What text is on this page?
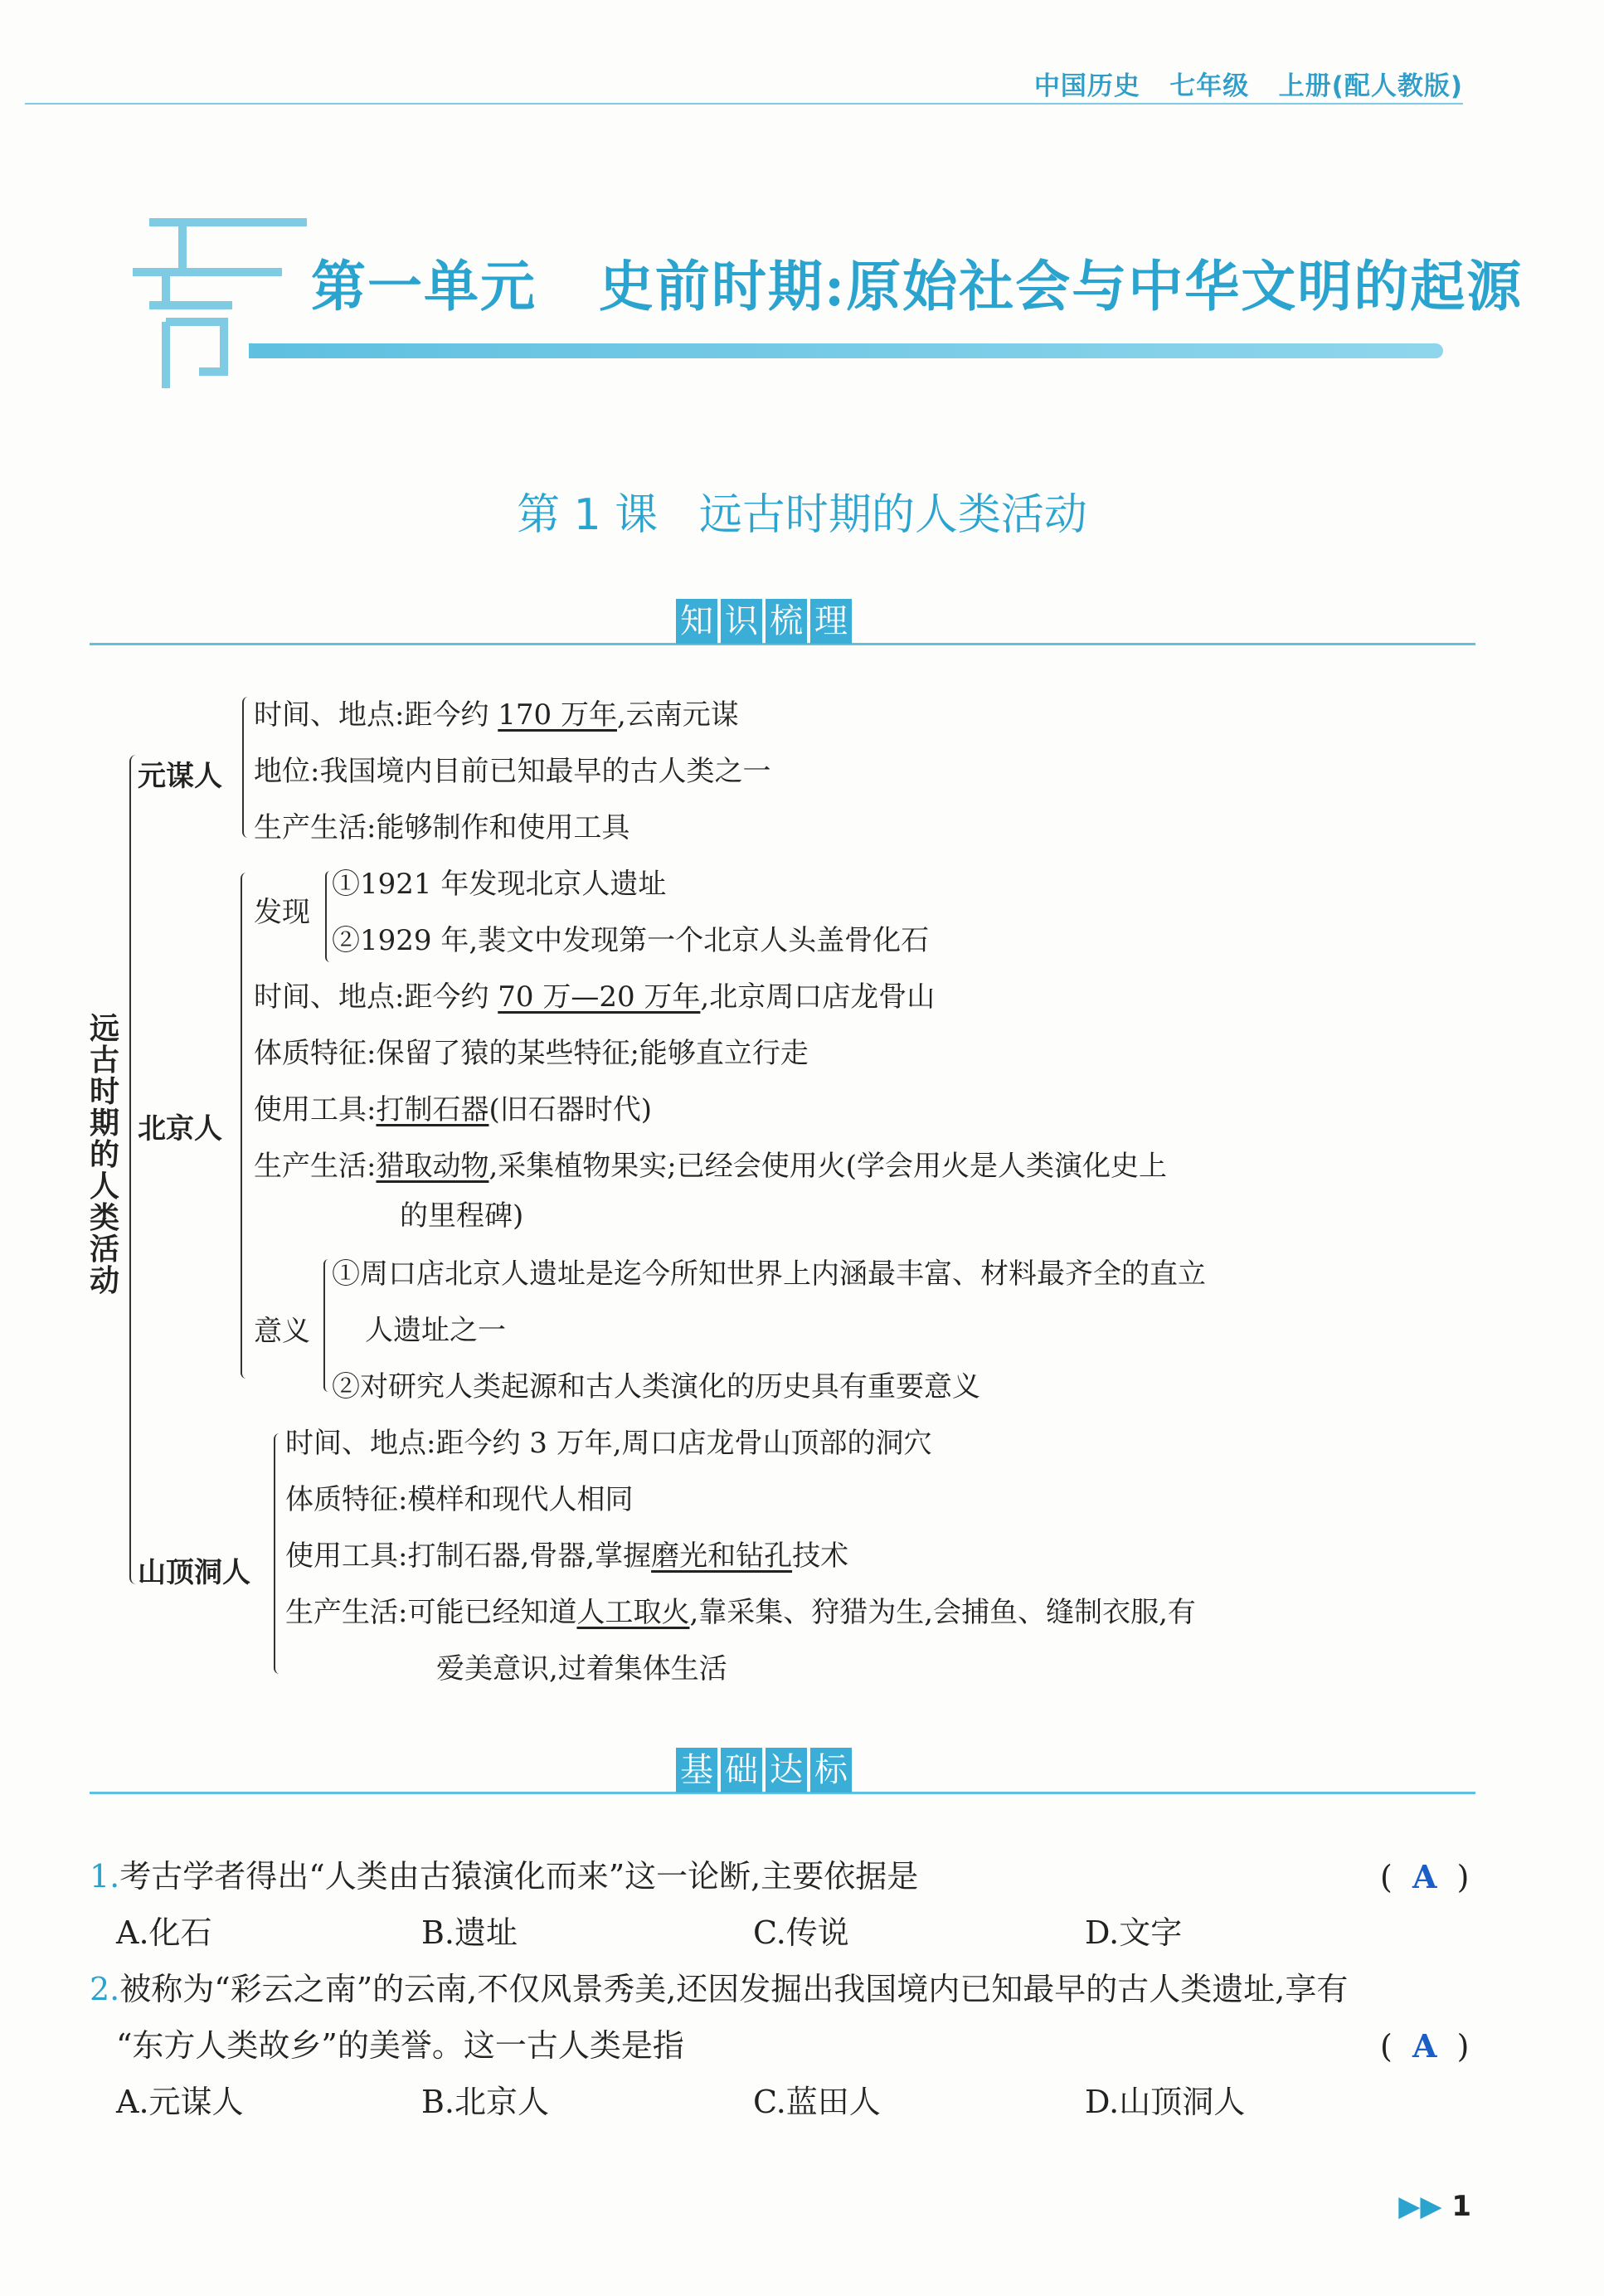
中国历史 七年级 上册(配人教版)
第一单元   史前时期:原始社会与中华文明的起源
第 1 课   远古时期的人类活动
知 识 梳 理
远古时期的人类活动
元谋人
时间、地点:距今约 170 万年,云南元谋
地位:我国境内目前已知最早的古人类之一
生产生活:能够制作和使用工具
北京人
发现
①1921 年发现北京人遗址
②1929 年,裴文中发现第一个北京人头盖骨化石
时间、地点:距今约 70 万—20 万年,北京周口店龙骨山
体质特征:保留了猿的某些特征;能够直立行走
使用工具:打制石器(旧石器时代)
生产生活:猎取动物,采集植物果实;已经会使用火(学会用火是人类演化史上
的里程碑)
意义
①周口店北京人遗址是迄今所知世界上内涵最丰富、材料最齐全的直立
人遗址之一
②对研究人类起源和古人类演化的历史具有重要意义
山顶洞人
时间、地点:距今约 3 万年,周口店龙骨山顶部的洞穴
体质特征:模样和现代人相同
使用工具:打制石器,骨器,掌握磨光和钻孔技术
生产生活:可能已经知道人工取火,靠采集、狩猎为生,会捕鱼、缝制衣服,有
爱美意识,过着集体生活
基 础 达 标
1.考古学者得出“人类由古猿演化而来”这一论断,主要依据是	(  A  )
A.化石	B.遗址	C.传说	D.文字
2.被称为“彩云之南”的云南,不仅风景秀美,还因发掘出我国境内已知最早的古人类遗址,享有
“东方人类故乡”的美誉。这一古人类是指	(  A  )
A.元谋人	B.北京人	C.蓝田人	D.山顶洞人
▶▶ 1
